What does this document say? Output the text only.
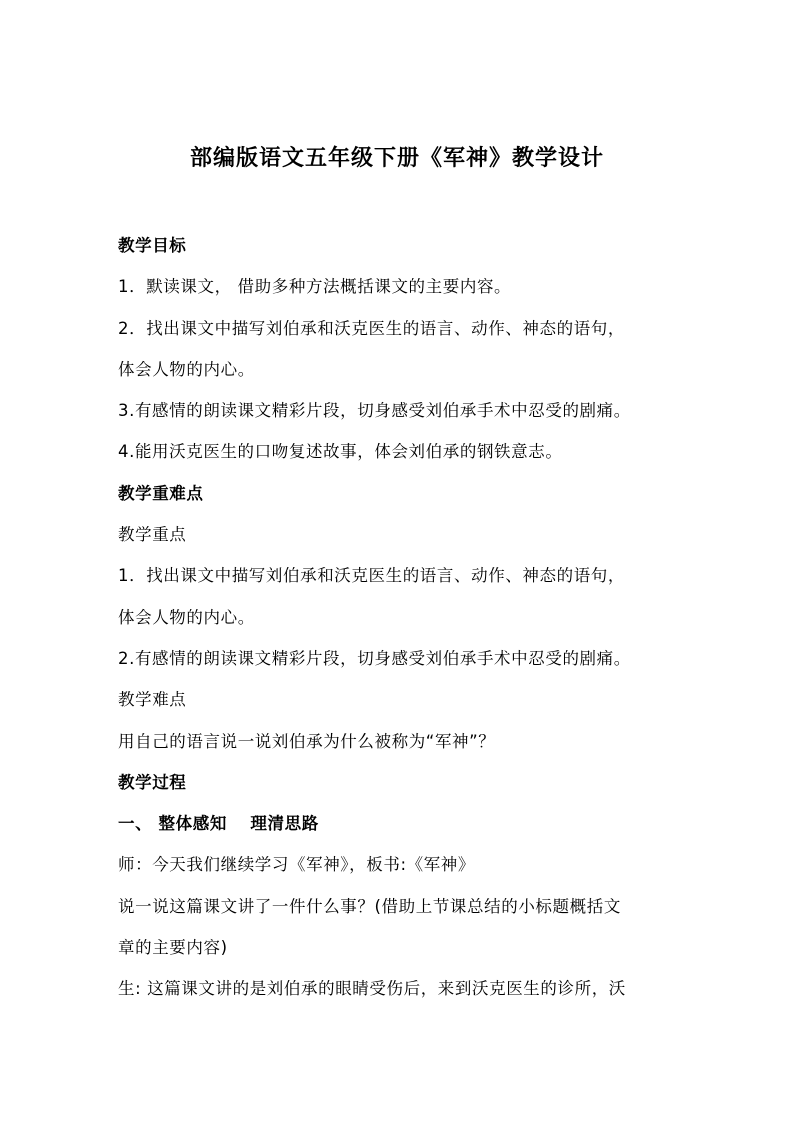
部编版语文五年级下册《军神》教学设计
教学目标
1．默读课文， 借助多种方法概括课文的主要内容。
2．找出课文中描写刘伯承和沃克医生的语言、动作、神态的语句，
体会人物的内心。
3.有感情的朗读课文精彩片段，切身感受刘伯承手术中忍受的剧痛。
4.能用沃克医生的口吻复述故事，体会刘伯承的钢铁意志。
教学重难点
教学重点
1．找出课文中描写刘伯承和沃克医生的语言、动作、神态的语句，
体会人物的内心。
2.有感情的朗读课文精彩片段，切身感受刘伯承手术中忍受的剧痛。
教学难点
用自己的语言说一说刘伯承为什么被称为“军神”？
教学过程
一、 整体感知　 理清思路
师：今天我们继续学习《军神》，板书:《军神》
说一说这篇课文讲了一件什么事？(借助上节课总结的小标题概括文
章的主要内容)
生: 这篇课文讲的是刘伯承的眼睛受伤后，来到沃克医生的诊所，沃
